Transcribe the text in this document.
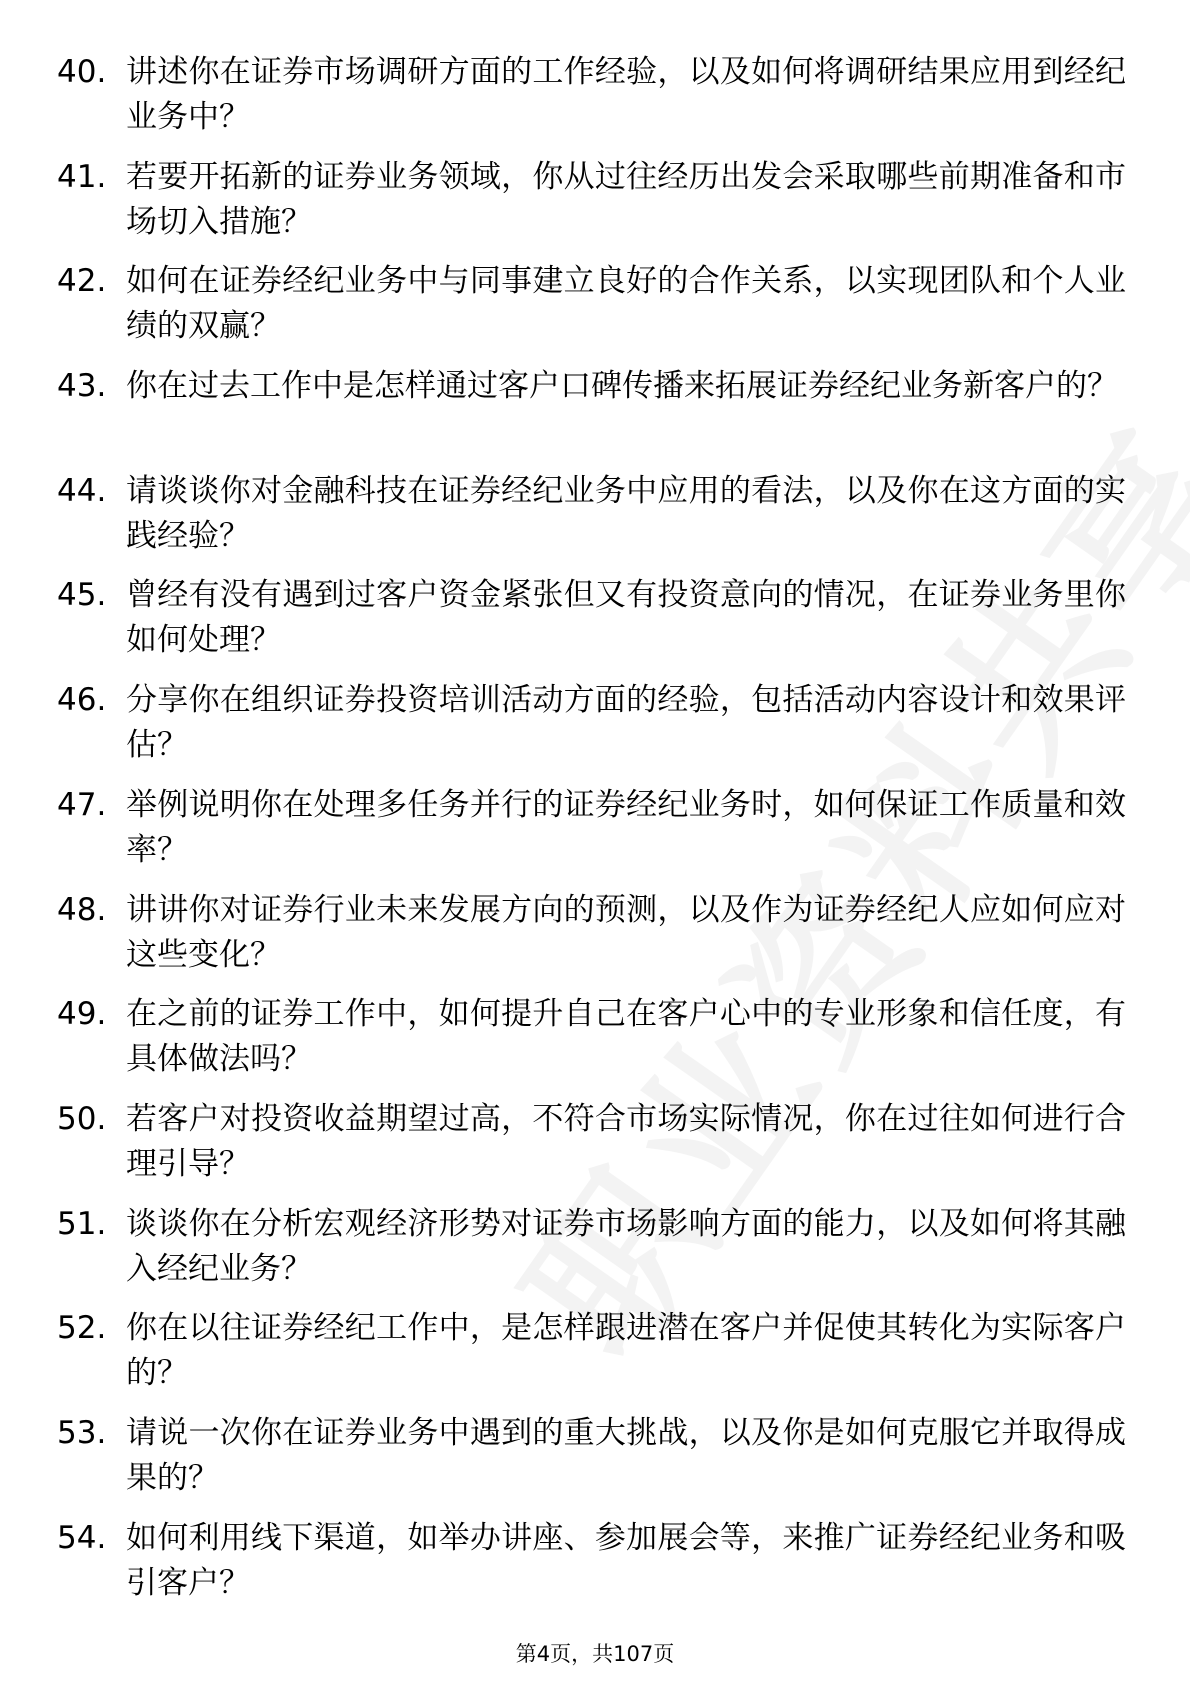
40. 讲述你在证券市场调研方面的工作经验，以及如何将调研结果应用到经纪业务中？
41. 若要开拓新的证券业务领域，你从过往经历出发会采取哪些前期准备和市场切入措施？
42. 如何在证券经纪业务中与同事建立良好的合作关系，以实现团队和个人业绩的双赢？
43. 你在过去工作中是怎样通过客户口碑传播来拓展证券经纪业务新客户的？
44. 请谈谈你对金融科技在证券经纪业务中应用的看法，以及你在这方面的实践经验？
45. 曾经有没有遇到过客户资金紧张但又有投资意向的情况，在证券业务里你如何处理？
46. 分享你在组织证券投资培训活动方面的经验，包括活动内容设计和效果评估？
47. 举例说明你在处理多任务并行的证券经纪业务时，如何保证工作质量和效率？
48. 讲讲你对证券行业未来发展方向的预测，以及作为证券经纪人应如何应对这些变化？
49. 在之前的证券工作中，如何提升自己在客户心中的专业形象和信任度，有具体做法吗？
50. 若客户对投资收益期望过高，不符合市场实际情况，你在过往如何进行合理引导？
51. 谈谈你在分析宏观经济形势对证券市场影响方面的能力，以及如何将其融入经纪业务？
52. 你在以往证券经纪工作中，是怎样跟进潜在客户并促使其转化为实际客户的？
53. 请说一次你在证券业务中遇到的重大挑战，以及你是如何克服它并取得成果的？
54. 如何利用线下渠道，如举办讲座、参加展会等，来推广证券经纪业务和吸引客户？
第4页，共107页
